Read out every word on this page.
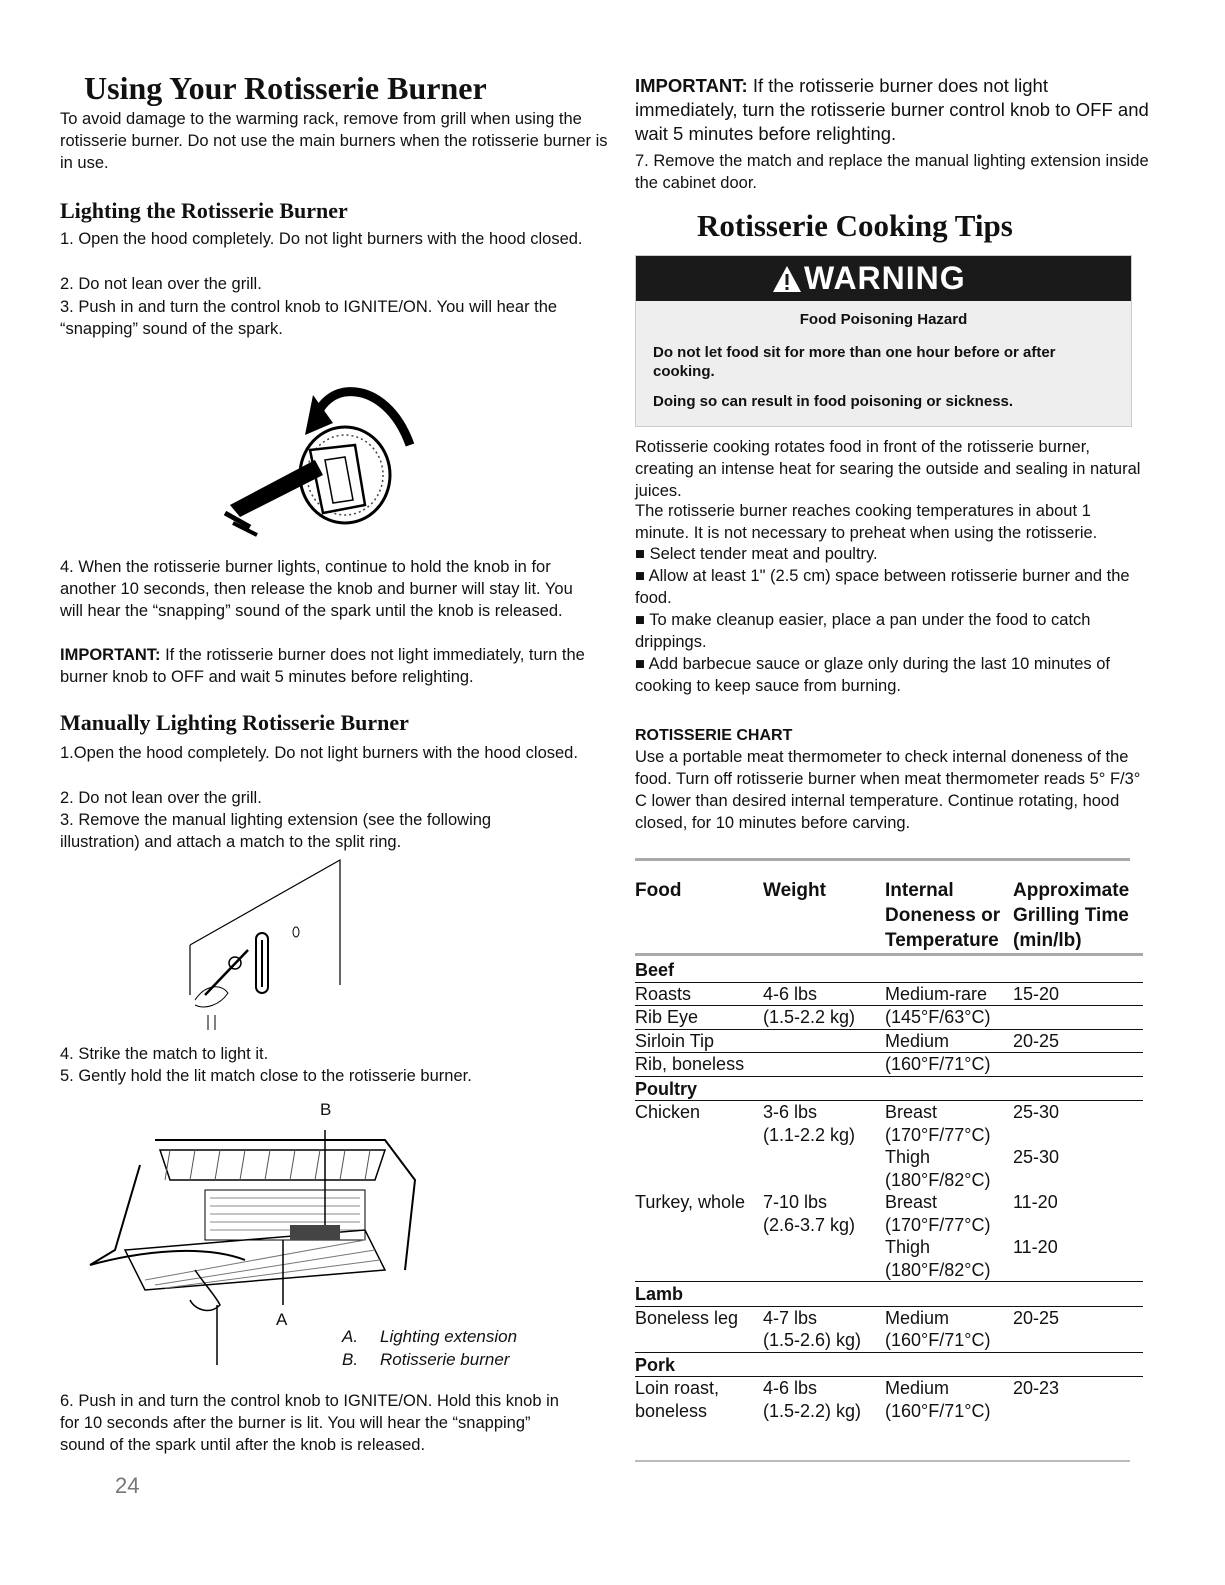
Using Your Rotisserie Burner

To avoid damage to the warming rack, remove from grill when using the rotisserie burner. Do not use the main burners when the rotisserie burner is in use.

Lighting the Rotisserie Burner

1. Open the hood completely. Do not light burners with the hood closed.

2. Do not lean over the grill.

3. Push in and turn the control knob to IGNITE/ON. You will hear the “snapping” sound of the spark.

4. When the rotisserie burner lights, continue to hold the knob in for another 10 seconds, then release the knob and burner will stay lit. You will hear the “snapping” sound of the spark until the knob is released.

IMPORTANT: If the rotisserie burner does not light immediately, turn the burner knob to OFF and wait 5 minutes before relighting.

Manually Lighting Rotisserie Burner

1.Open the hood completely. Do not light burners with the hood closed.

2. Do not lean over the grill.

3. Remove the manual lighting extension (see the following illustration) and attach a match to the split ring.

4. Strike the match to light it.

5. Gently hold the lit match close to the rotisserie burner.

B
A
A. Lighting extension
B. Rotisserie burner

6. Push in and turn the control knob to IGNITE/ON. Hold this knob in for 10 seconds after the burner is lit. You will hear the “snapping” sound of the spark until after the knob is released.

24

IMPORTANT: If the rotisserie burner does not light immediately, turn the rotisserie burner control knob to OFF and wait 5 minutes before relighting.

7. Remove the match and replace the manual lighting extension inside the cabinet door.

Rotisserie Cooking Tips
WARNING
Food Poisoning Hazard
Do not let food sit for more than one hour before or after cooking.
Doing so can result in food poisoning or sickness.

Rotisserie cooking rotates food in front of the rotisserie burner, creating an intense heat for searing the outside and sealing in natural juices.

The rotisserie burner reaches cooking temperatures in about 1 minute. It is not necessary to preheat when using the rotisserie.

■ Select tender meat and poultry.
■ Allow at least 1" (2.5 cm) space between rotisserie burner and the food.
■ To make cleanup easier, place a pan under the food to catch drippings.
■ Add barbecue sauce or glaze only during the last 10 minutes of cooking to keep sauce from burning.

ROTISSERIE CHART

Use a portable meat thermometer to check internal doneness of the food. Turn off rotisserie burner when meat thermometer reads 5° F/3° C lower than desired internal temperature. Continue rotating, hood closed, for 10 minutes before carving.

Food	Weight	Internal Doneness or Temperature	Approximate Grilling Time (min/lb)
Beef			
Roasts	4-6 lbs	Medium-rare	15-20
Rib Eye	(1.5-2.2 kg)	(145°F/63°C)	
Sirloin Tip		Medium	20-25
Rib, boneless		(160°F/71°C)	
Poultry			
Chicken	3-6 lbs	Breast	25-30
	(1.1-2.2 kg)	(170°F/77°C)	
		Thigh	25-30
		(180°F/82°C)	
Turkey, whole	7-10 lbs	Breast	11-20
	(2.6-3.7 kg)	(170°F/77°C)	
		Thigh	11-20
		(180°F/82°C)	
Lamb			
Boneless leg	4-7 lbs	Medium	20-25
	(1.5-2.6) kg)	(160°F/71°C)	
Pork			
Loin roast,	4-6 lbs	Medium	20-23
boneless	(1.5-2.2) kg)	(160°F/71°C)	
